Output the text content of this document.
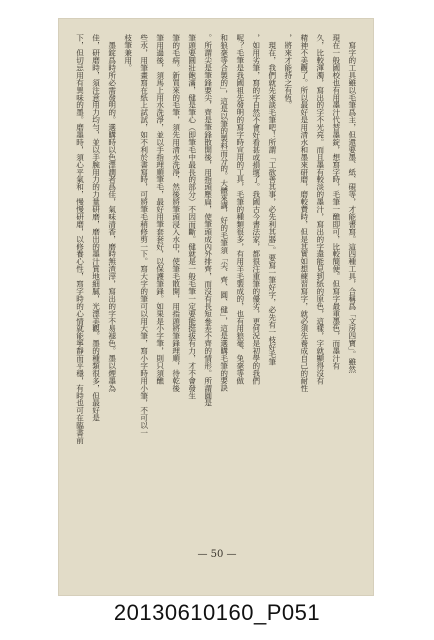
　寫字的工具雖以毛筆爲主，但還要墨、紙、硯等，才能書寫。這四種工具，合稱爲「文房四寶」。雖然
現在一般國校也有用墨汁代替墨錠，想寫字時，毛筆一醮即可，比較簡便。但寫字最重墨色，而墨汁有
久，比較渾濁，寫出的字不光亮。而且墨有較淡的墨汁，寫出的字還能見到紙的原色，這樣，字就顯得沒有
精神不美觀了。所以最好是用清水和墨來研磨，磨較費時，但是其實如想練習寫字，就必須先養成自己的耐性
，將來才能持之有恆。
　現在，我們就先來談毛筆吧！所謂「工欲善其事，必先利其器」。要寫一筆好字，必先有一枝好毛筆
，如用劣筆，寫的字自然不會好看甚或損壞了。我國古今書法家，都很注重筆的優劣，更何況是初學的我們
呢？毛筆是我國祖先發明的寫字時宣用的工具，毛筆的種類很多，有用羊毛製成的，也有用狼毫、兔毫等做
和狼毫等合製的」，這是以筆的製料而分的。大體來講，好的毛筆須「尖、齊、圓、健」，這是選購毛筆的要訣
。所謂尖是筆鋒要尖，齊是筆鋒散開後，用指頭壓扁，使筆頭成內外排齊，而沒有長短參差不齊的情形。所謂圓是
筆頭要圓壯飽滿，健是筆心（即筆毛中最長的部分）不因而斷。健就是一般毛筆一定要能挺拔有力，才不會發生
筆的毛病。新買來的毛筆，須先用清水洗淨，然後將筆頭浸入水中，使筆毛散開，用指頭將筆鋒理順，待乾後
筆用過後，須馬上用水洗淨，並以手指理順筆毛，最好用筆套套好，以保護筆鋒。如果是小字筆，則只須醮
些水，用筆畫寫在紙上試試，如不利於書寫時，可將筆毛稍修剪一下。寫大字的筆可以用大筆，寫小字時用小筆，不可以一
枝筆兼用。
　墨錠爲時所必需發明的。選購時以色澤潤者爲佳，氣味清香，磨時無渣滓，寫出的字不易褪色。墨以煙墨為
佳，研磨時，須注意用力均勻，並以手腕用力的力量研磨，磨出的墨汁質地細膩，光澤美觀。墨的種類很多，但最好是
下，但切忌用有異味的墨。磨墨時，須心平氣和，慢慢研磨，以修養心性，寫字時的心情就能寧靜而平穩，有時也可在臨書前
— 50 —
20130610160_P051
